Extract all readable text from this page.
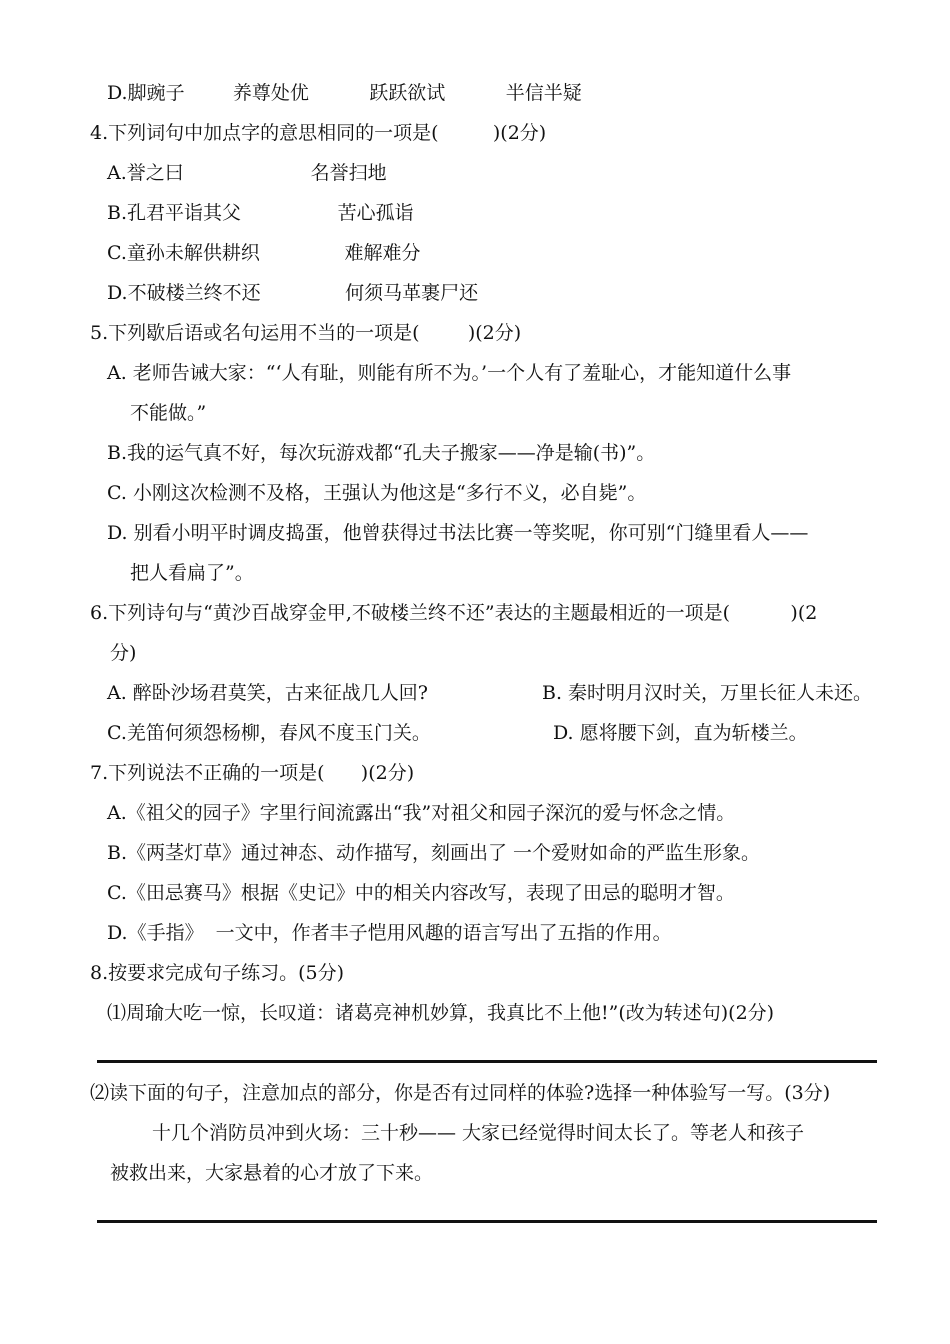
D.脚豌子        养尊处优          跃跃欲试          半信半疑
4.下列词句中加点字的意思相同的一项是(         )(2分)
A.誉之曰                     名誉扫地
B.孔君平诣其父                苦心孤诣
C.童孙未解供耕织              难解难分
D.不破楼兰终不还              何须马革裹尸还
5.下列歇后语或名句运用不当的一项是(        )(2分)
A. 老师告诫大家：“‘人有耻，则能有所不为。’一个人有了羞耻心，才能知道什么事
不能做。”
B.我的运气真不好，每次玩游戏都“孔夫子搬家——净是输(书)”。
C. 小刚这次检测不及格，王强认为他这是“多行不义，必自毙”。
D. 别看小明平时调皮捣蛋，他曾获得过书法比赛一等奖呢，你可别“门缝里看人——
把人看扁了”。
6.下列诗句与“黄沙百战穿金甲,不破楼兰终不还”表达的主题最相近的一项是(          )(2
分)
A. 醉卧沙场君莫笑，古来征战几人回?	B. 秦时明月汉时关，万里长征人未还。
C.羌笛何须怨杨柳，春风不度玉门关。	D. 愿将腰下剑，直为斩楼兰。
7.下列说法不正确的一项是(      )(2分)
A.《祖父的园子》字里行间流露出“我”对祖父和园子深沉的爱与怀念之情。
B.《两茎灯草》通过神态、动作描写，刻画出了 一个爱财如命的严监生形象。
C.《田忌赛马》根据《史记》中的相关内容改写，表现了田忌的聪明才智。
D.《手指》  一文中，作者丰子恺用风趣的语言写出了五指的作用。
8.按要求完成句子练习。(5分)
⑴周瑜大吃一惊，长叹道：诸葛亮神机妙算，我真比不上他!”(改为转述句)(2分)
⑵读下面的句子，注意加点的部分，你是否有过同样的体验?选择一种体验写一写。(3分)
十几个消防员冲到火场：三十秒—— 大家已经觉得时间太长了。等老人和孩子
被救出来，大家悬着的心才放了下来。
